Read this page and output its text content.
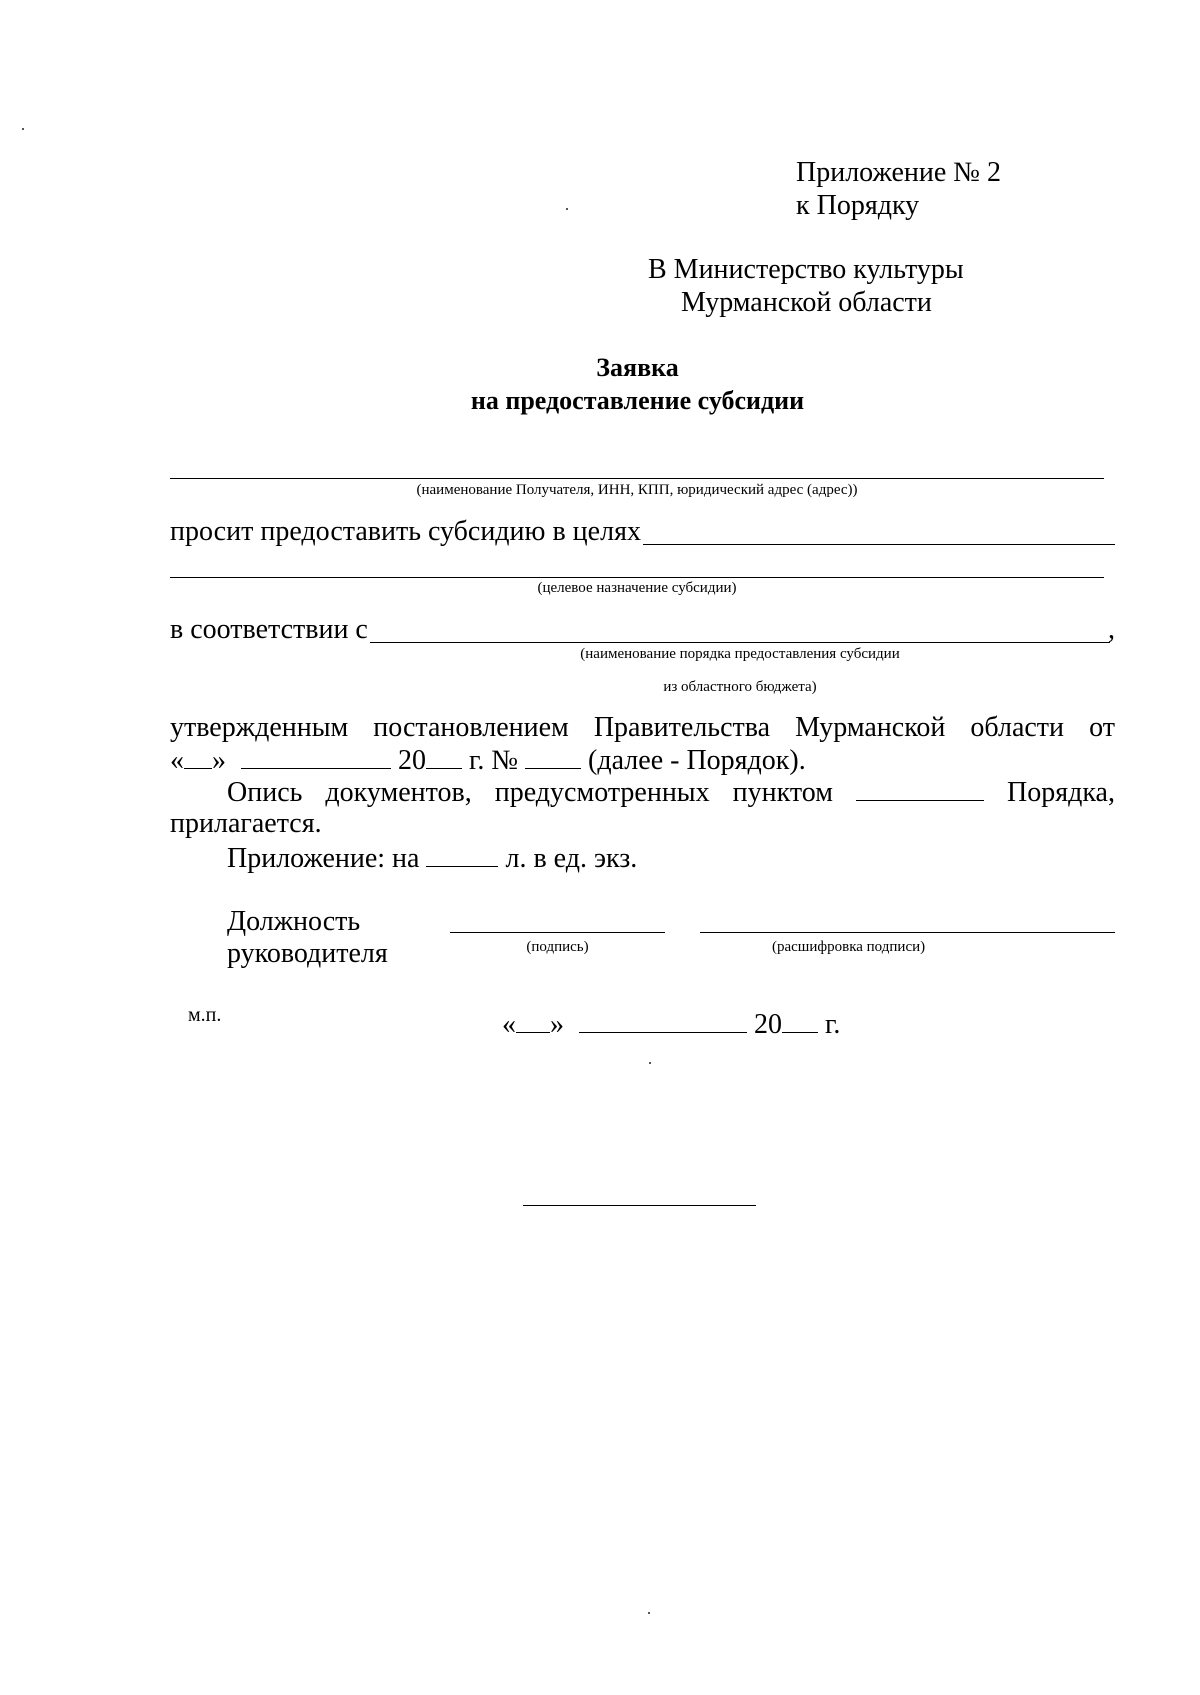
Приложение № 2
к Порядку
В Министерство культуры
Мурманской области
Заявка
на предоставление субсидии
(наименование Получателя, ИНН, КПП, юридический адрес (адрес))
просит предоставить субсидию в целях
(целевое назначение субсидии)
в соответствии с	,
(наименование порядка предоставления субсидии
из областного бюджета)
утвержденным постановлением Правительства Мурманской области от
« »	20 г. №	(далее - Порядок).
Опись документов, предусмотренных пунктом	Порядка,
прилагается.
Приложение: на	л. в ед. экз.
Должность
руководителя	(подпись)	(расшифровка подписи)
м.п.	« »	20 г.
